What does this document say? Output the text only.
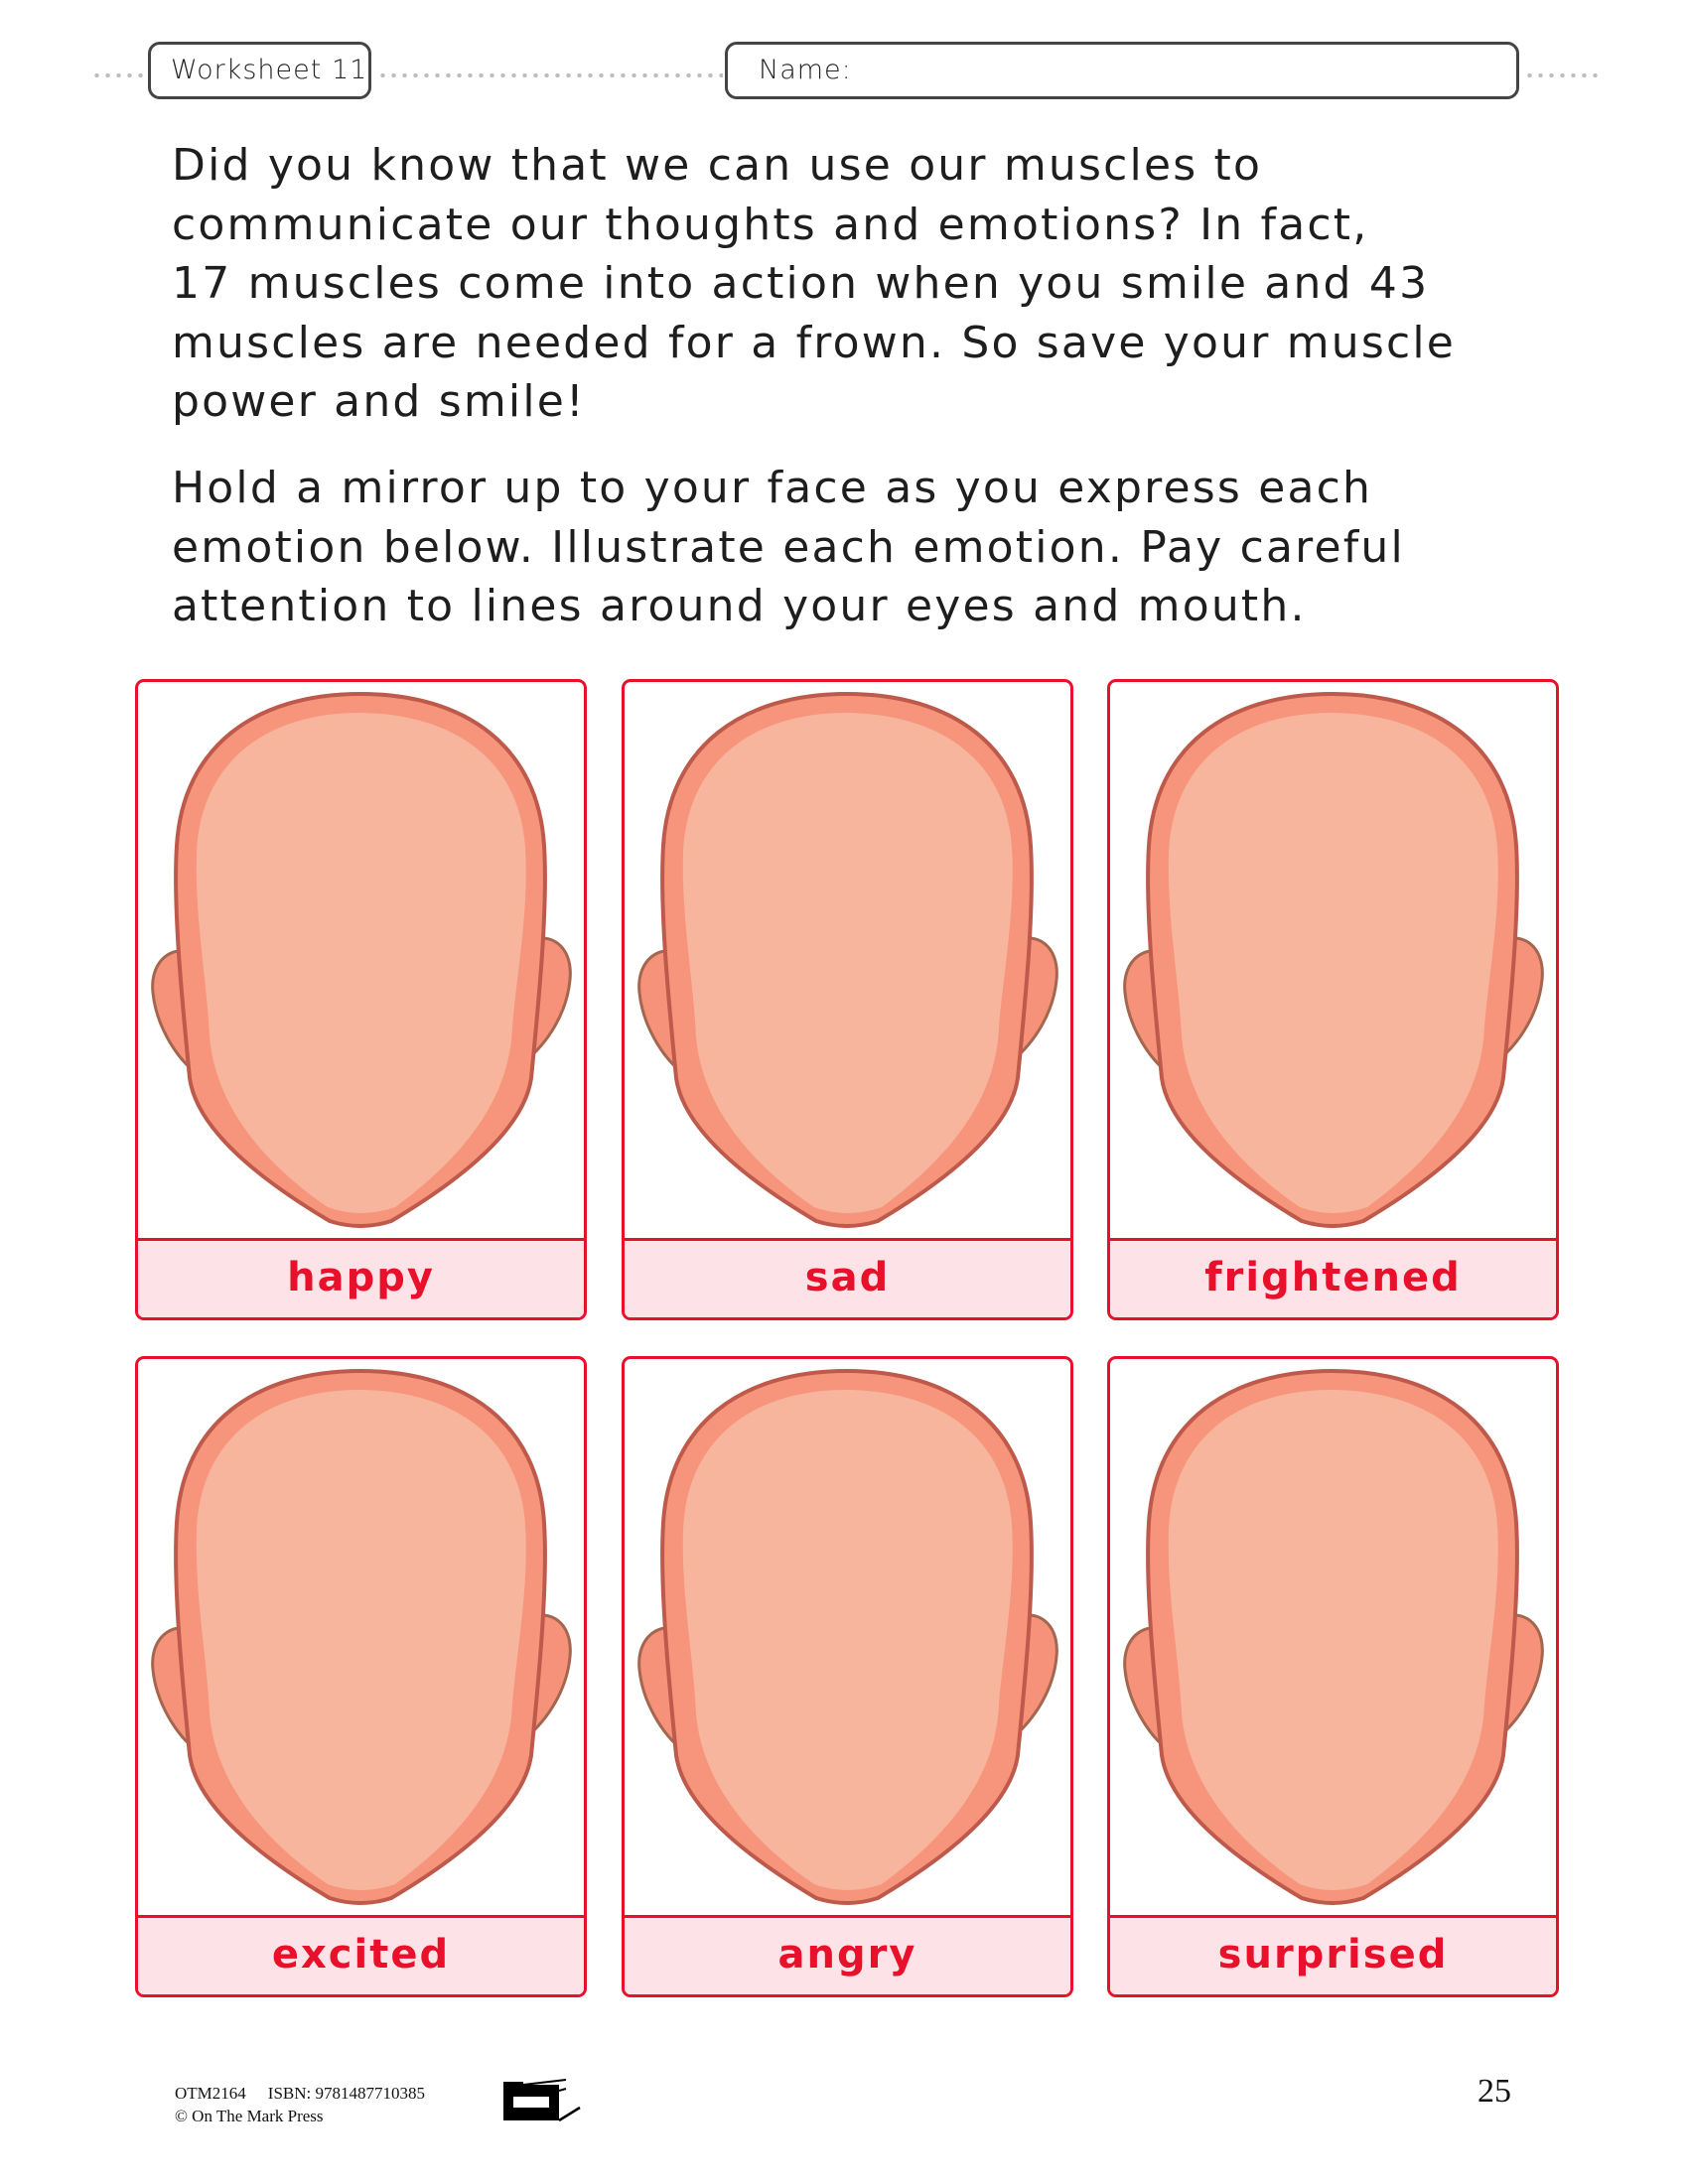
Worksheet 11	Name:
Did you know that we can use our muscles to
communicate our thoughts and emotions? In fact,
17 muscles come into action when you smile and 43
muscles are needed for a frown. So save your muscle
power and smile!
Hold a mirror up to your face as you express each
emotion below. Illustrate each emotion. Pay careful
attention to lines around your eyes and mouth.
happy	sad	frightened
excited	angry	surprised
OTM2164 ISBN: 9781487710385
© On The Mark Press
25
